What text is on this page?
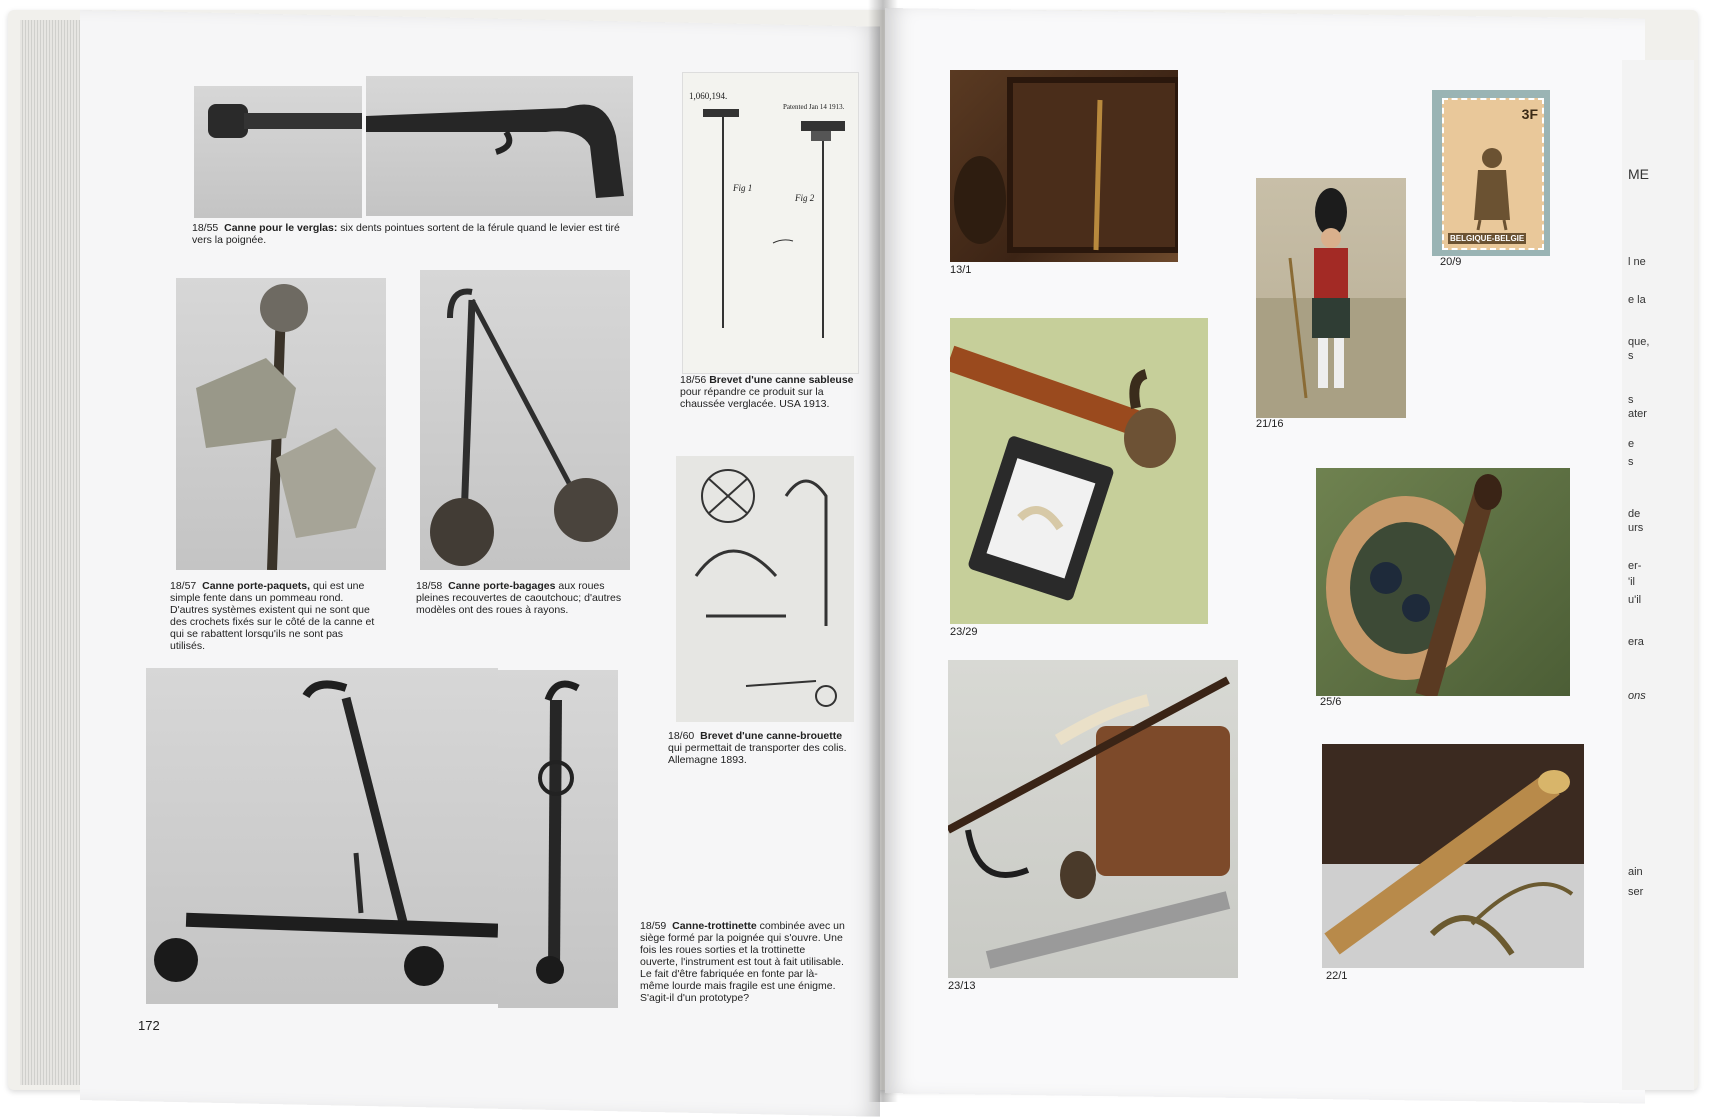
18/55 Canne pour le verglas: six dents pointues sortent de la férule quand le levier est tiré vers la poignée.
1,060,194.
Patented Jan 14 1913.
Fig 1
Fig 2
18/56 Brevet d'une canne sableuse pour répandre ce produit sur la chaussée verglacée. USA 1913.
18/57 Canne porte-paquets, qui est une simple fente dans un pommeau rond. D'autres systèmes existent qui ne sont que des crochets fixés sur le côté de la canne et qui se rabattent lorsqu'ils ne sont pas utilisés.
18/58 Canne porte-bagages aux roues pleines recouvertes de caoutchouc; d'autres modèles ont des roues à rayons.
18/60 Brevet d'une canne-brouette qui permettait de transporter des colis. Allemagne 1893.
18/59 Canne-trottinette combinée avec un siège formé par la poignée qui s'ouvre. Une fois les roues sorties et la trottinette ouverte, l'instrument est tout à fait utilisable. Le fait d'être fabriquée en fonte par là-même lourde mais fragile est une énigme. S'agit-il d'un prototype?
172
13/1
3F
BELGIQUE-BELGIE
20/9
21/16
23/29
25/6
23/13
22/1
ME
l ne
e la
que,
s
s
ater
e
s
de
urs
er-
'il
u'il
era
ons
ain
ser
